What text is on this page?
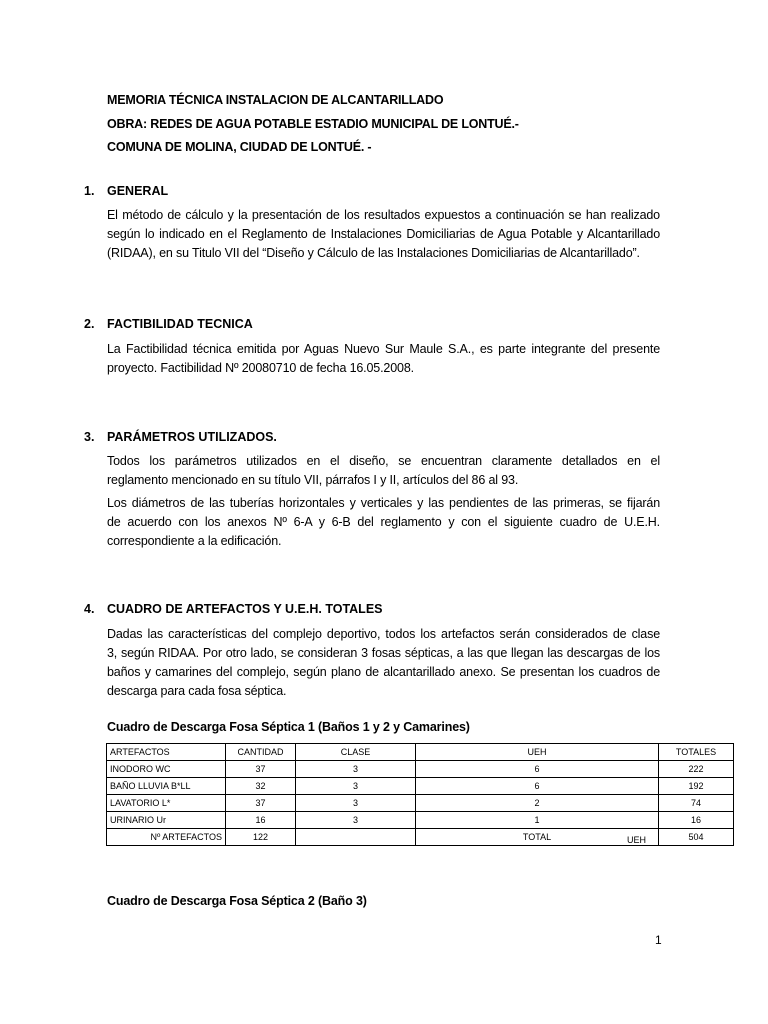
MEMORIA TÉCNICA INSTALACION DE ALCANTARILLADO
OBRA: REDES DE AGUA POTABLE ESTADIO MUNICIPAL DE LONTUÉ.-
COMUNA DE MOLINA, CIUDAD DE LONTUÉ. -
1. GENERAL
El método de cálculo y la presentación de los resultados expuestos a continuación se han realizado
según lo indicado en el Reglamento de Instalaciones Domiciliarias de Agua Potable y Alcantarillado
(RIDAA), en su Titulo VII del “Diseño y Cálculo de las Instalaciones Domiciliarias de Alcantarillado”.
2. FACTIBILIDAD TECNICA
La Factibilidad técnica emitida por Aguas Nuevo Sur Maule S.A., es parte integrante del presente
proyecto. Factibilidad Nº 20080710 de fecha 16.05.2008.
3. PARÁMETROS UTILIZADOS.
Todos los parámetros utilizados en el diseño, se encuentran claramente detallados en el
reglamento mencionado en su título VII, párrafos I y II, artículos del 86 al 93.
Los diámetros de las tuberías horizontales y verticales y las pendientes de las primeras, se fijarán
de acuerdo con los anexos Nº 6-A y 6-B del reglamento y con el siguiente cuadro de U.E.H.
correspondiente a la edificación.
4. CUADRO DE ARTEFACTOS Y U.E.H. TOTALES
Dadas las características del complejo deportivo, todos los artefactos serán considerados de clase
3, según RIDAA. Por otro lado, se consideran 3 fosas sépticas, a las que llegan las descargas de los
baños y camarines del complejo, según plano de alcantarillado anexo. Se presentan los cuadros de
descarga para cada fosa séptica.
Cuadro de Descarga Fosa Séptica 1 (Baños 1 y 2 y Camarines)
ARTEFACTOS	CANTIDAD	CLASE	UEH	TOTALES
INODORO WC	37	3	6	222
BAÑO LLUVIA B*LL	32	3	6	192
LAVATORIO L*	37	3	2	74
URINARIO Ur	16	3	1	16
Nº ARTEFACTOS	122		TOTAL	504
UEH
Cuadro de Descarga Fosa Séptica 2 (Baño 3)
1
